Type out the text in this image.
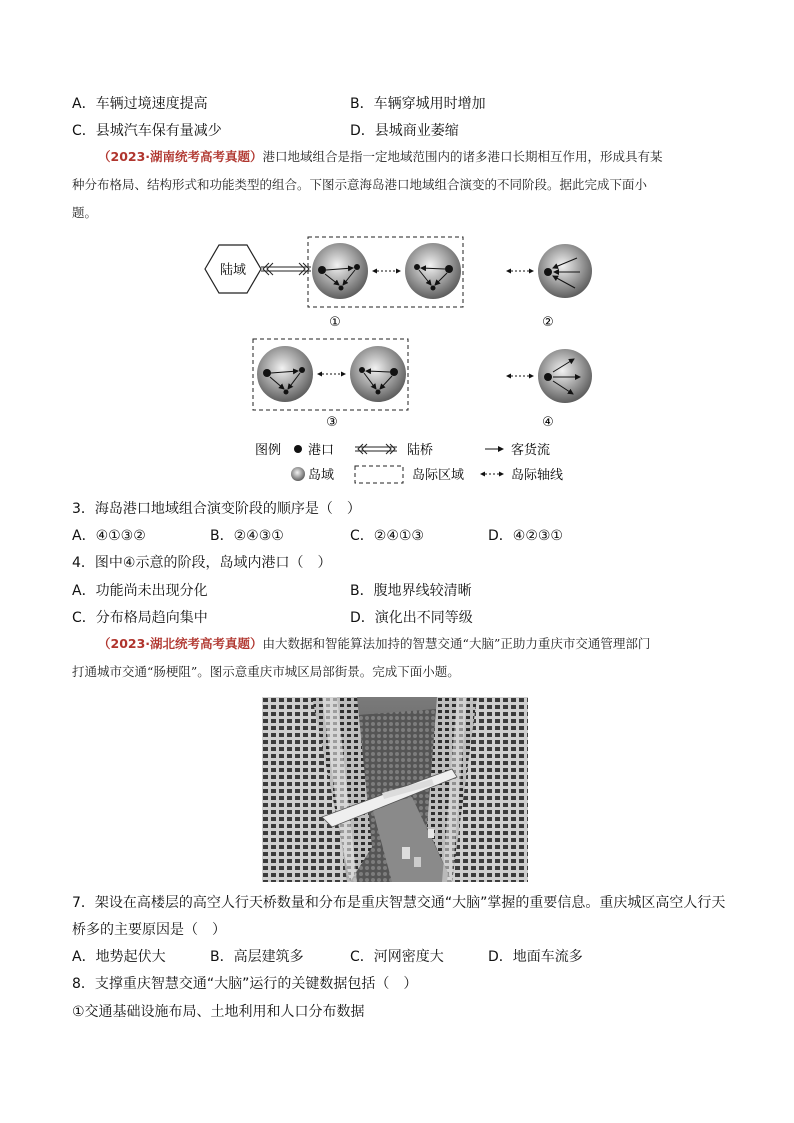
A．车辆过境速度提高	B．车辆穿城用时增加
C．县城汽车保有量减少	D．县城商业萎缩
（2023·湖南统考高考真题）港口地域组合是指一定地域范围内的诸多港口长期相互作用，形成具有某
种分布格局、结构形式和功能类型的组合。下图示意海岛港口地域组合演变的不同阶段。据此完成下面小
题。
陆域
①	②
③	④
图例 港口	陆桥	客货流
岛域	岛际区域	岛际轴线
3．海岛港口地域组合演变阶段的顺序是（　）
A．④①③②	B．②④③①	C．②④①③	D．④②③①
4．图中④示意的阶段，岛域内港口（　）
A．功能尚未出现分化	B．腹地界线较清晰
C．分布格局趋向集中	D．演化出不同等级
（2023·湖北统考高考真题）由大数据和智能算法加持的智慧交通“大脑”正助力重庆市交通管理部门
打通城市交通“肠梗阻”。图示意重庆市城区局部街景。完成下面小题。
7．架设在高楼层的高空人行天桥数量和分布是重庆智慧交通“大脑”掌握的重要信息。重庆城区高空人行天
桥多的主要原因是（　）
A．地势起伏大	B．高层建筑多	C．河网密度大	D．地面车流多
8．支撑重庆智慧交通“大脑”运行的关键数据包括（　）
①交通基础设施布局、土地利用和人口分布数据
